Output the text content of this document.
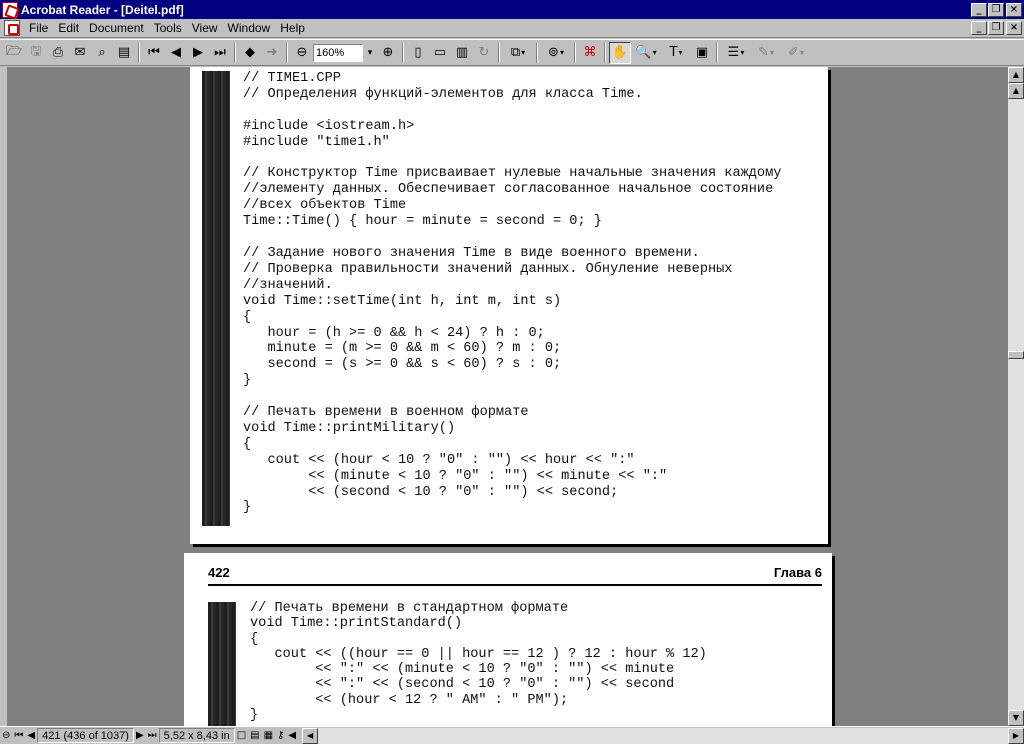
Acrobat Reader - [Deitel.pdf]	_	❐ ×
File Edit Document Tools View Window Help	_	❐ ×
🗁 🖫 ⎙ ✉ ⌕ ▤	⏮ ◀ ▶ ⏭	◆ ➜	⊖ 160%	▾ ⊕	▯ ▭ ▥ ↻	⧉ ▾	⊚ ▾	⌘	✋ 🔍 ▾	T ▾	▣	☰ ▾	✎ ▾	✐ ▾
// TIME1.CPP
// Определения функций-элементов для класса Time.

#include <iostream.h>
#include "time1.h"

// Конструктор Time присваивает нулевые начальные значения каждому
//элементу данных. Обеспечивает согласованное начальное состояние
//всех объектов Time
Time::Time() { hour = minute = second = 0; }

// Задание нового значения Time в виде военного времени.
// Проверка правильности значений данных. Обнуление неверных
//значений.
void Time::setTime(int h, int m, int s)
{
hour = (h >= 0 && h < 24) ? h : 0;
minute = (m >= 0 && m < 60) ? m : 0;
second = (s >= 0 && s < 60) ? s : 0;
}

// Печать времени в военном формате
void Time::printMilitary()
{
cout << (hour < 10 ? "0" : "") << hour << ":"
<< (minute < 10 ? "0" : "") << minute << ":"
<< (second < 10 ? "0" : "") << second;
}
422	Глава 6
// Печать времени в стандартном формате
void Time::printStandard()
{
cout << ((hour == 0 || hour == 12 ) ? 12 : hour % 12)
<< ":" << (minute < 10 ? "0" : "") << minute
<< ":" << (second < 10 ? "0" : "") << second
<< (hour < 12 ? " AM" : " PM");
}
▲
▲
▼
⊖ ⏮ ◀ 421 (436 of 1037) ▶ ⏭ 5,52 x 8,43 in □ ▤ ▦ ⚷ ◀	◀	▶
